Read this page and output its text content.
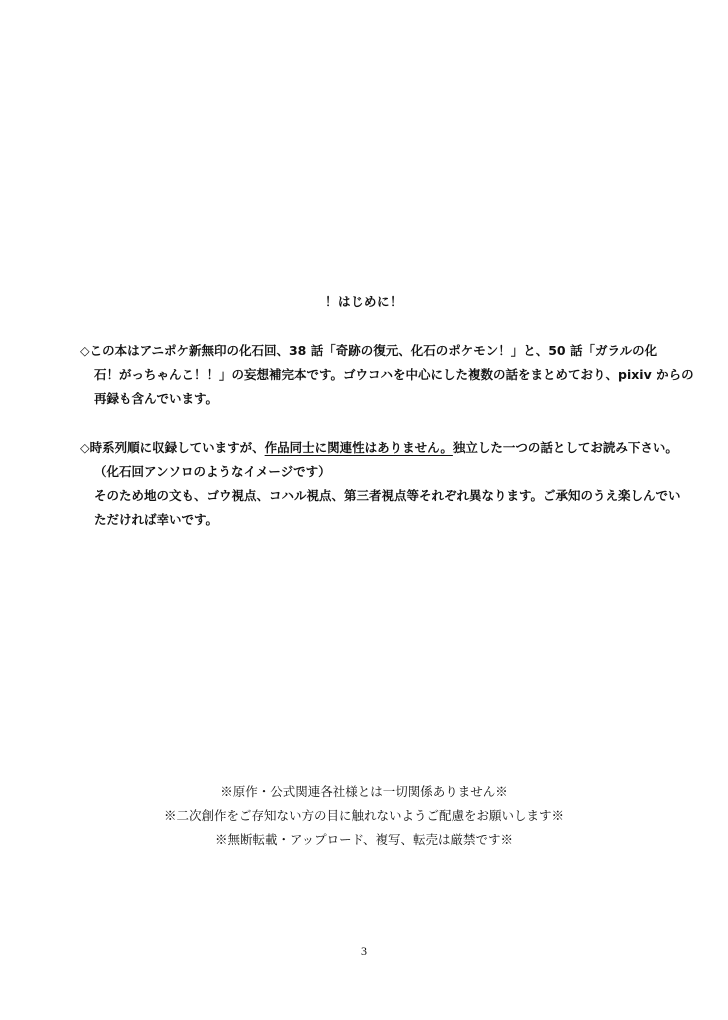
！はじめに！
◇この本はアニポケ新無印の化石回、38 話「奇跡の復元、化石のポケモン！」と、50 話「ガラルの化
石！がっちゃんこ！！」の妄想補完本です。ゴウコハを中心にした複数の話をまとめており、pixiv からの
再録も含んでいます。
◇時系列順に収録していますが、作品同士に関連性はありません。独立した一つの話としてお読み下さい。
（化石回アンソロのようなイメージです）
そのため地の文も、ゴウ視点、コハル視点、第三者視点等それぞれ異なります。ご承知のうえ楽しんでい
ただければ幸いです。
※原作・公式関連各社様とは一切関係ありません※
※二次創作をご存知ない方の目に触れないようご配慮をお願いします※
※無断転載・アップロード、複写、転売は厳禁です※
3
